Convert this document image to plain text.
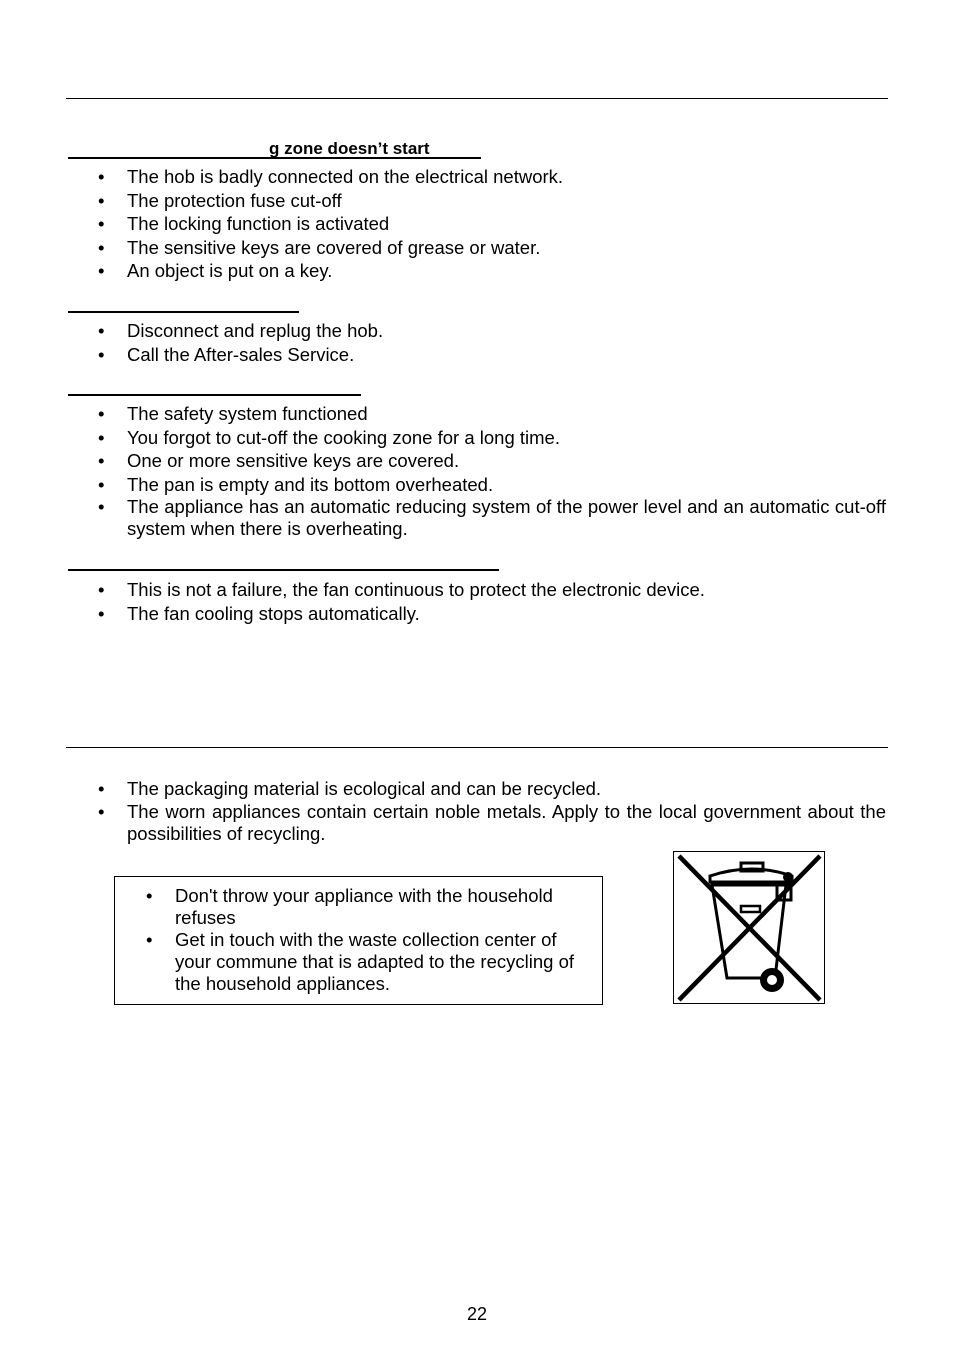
g zone doesn’t start
• The hob is badly connected on the electrical network.
• The protection fuse cut-off
• The locking function is activated
• The sensitive keys are covered of grease or water.
• An object is put on a key.
• Disconnect and replug the hob.
• Call the After-sales Service.
• The safety system functioned
• You forgot to cut-off the cooking zone for a long time.
• One or more sensitive keys are covered.
• The pan is empty and its bottom overheated.
• The appliance has an automatic reducing system of the power level and an automatic cut-off system when there is overheating.
• This is not a failure, the fan continuous to protect the electronic device.
• The fan cooling stops automatically.
• The packaging material is ecological and can be recycled.
• The worn appliances contain certain noble metals. Apply to the local government about the possibilities of recycling.
• Don't throw your appliance with the household refuses
• Get in touch with the waste collection center of your commune that is adapted to the recycling of the household appliances.
22
